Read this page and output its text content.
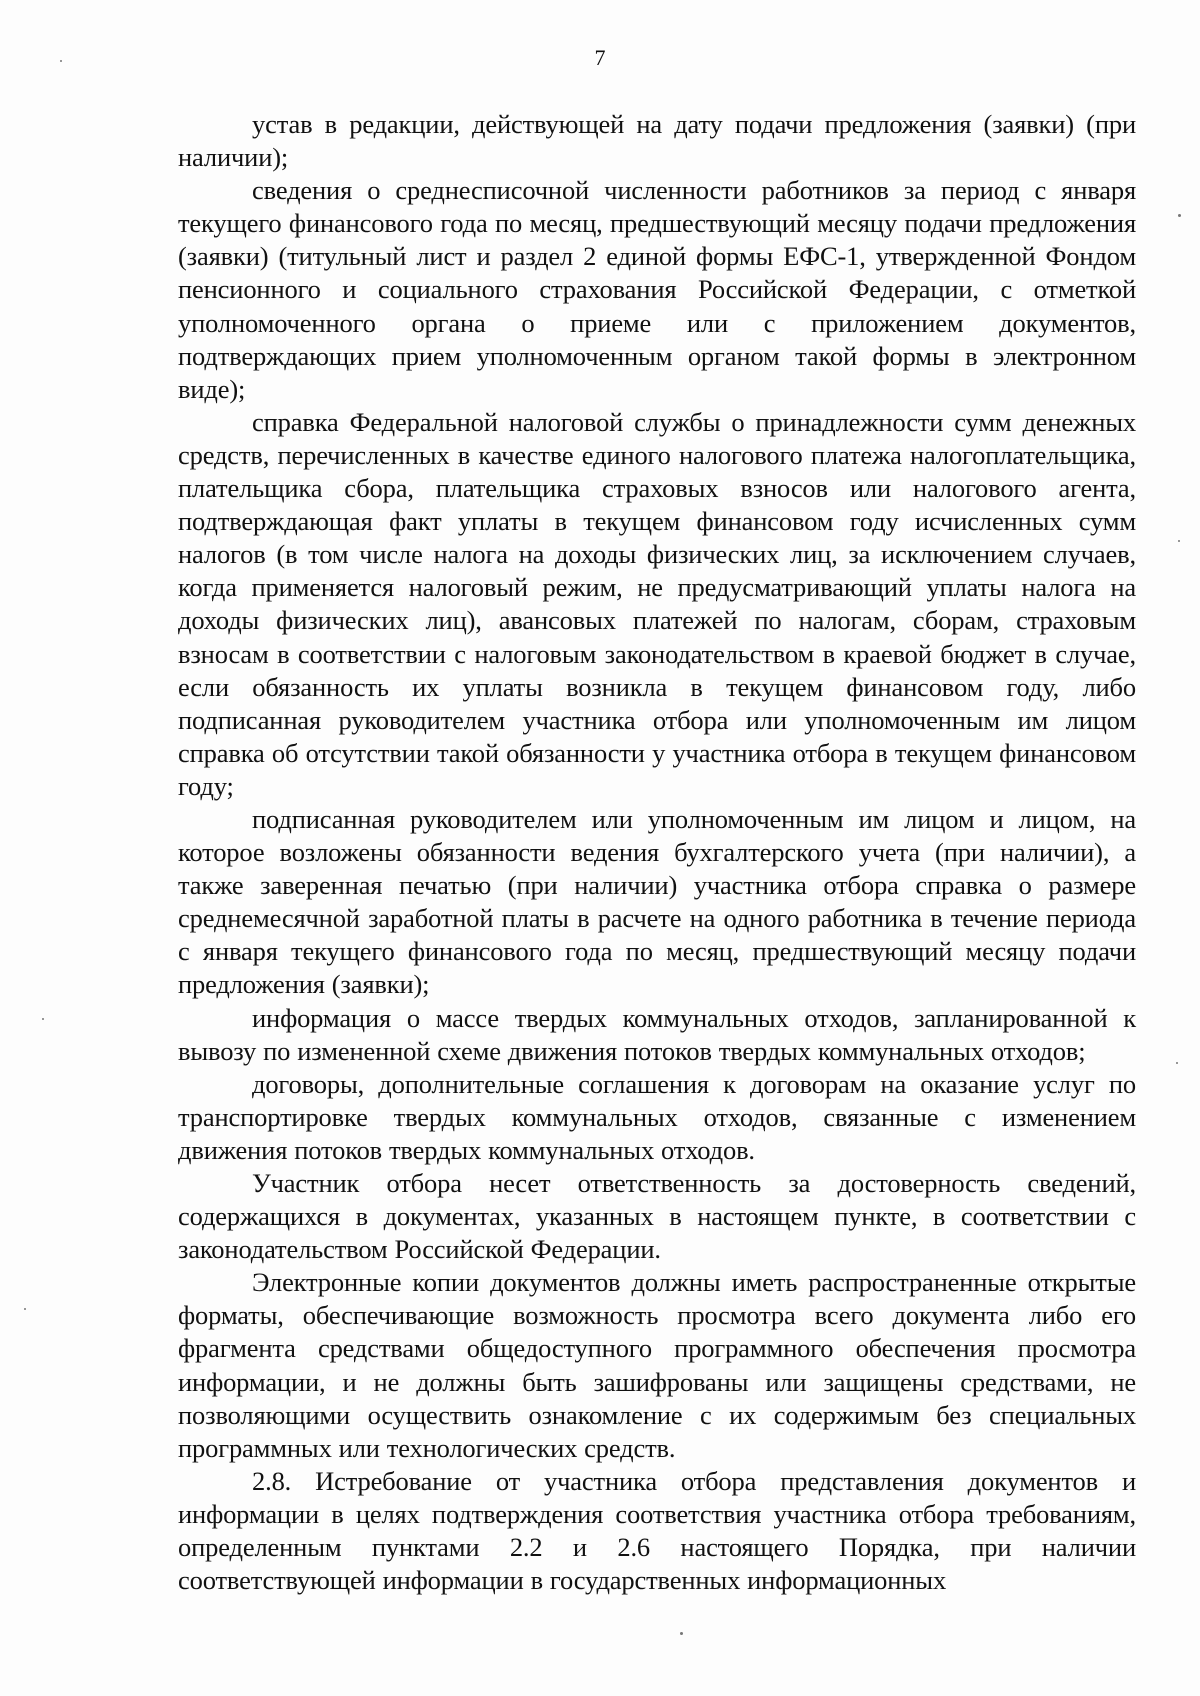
7

устав в редакции, действующей на дату подачи предложения (заявки) (при наличии);

сведения о среднесписочной численности работников за период с января текущего финансового года по месяц, предшествующий месяцу подачи предложения (заявки) (титульный лист и раздел 2 единой формы ЕФС-1, утвержденной Фондом пенсионного и социального страхования Российской Федерации, с отметкой уполномоченного органа о приеме или с приложением документов, подтверждающих прием уполномоченным органом такой формы в электронном виде);

справка Федеральной налоговой службы о принадлежности сумм денежных средств, перечисленных в качестве единого налогового платежа налогоплательщика, плательщика сбора, плательщика страховых взносов или налогового агента, подтверждающая факт уплаты в текущем финансовом году исчисленных сумм налогов (в том числе налога на доходы физических лиц, за исключением случаев, когда применяется налоговый режим, не предусматривающий уплаты налога на доходы физических лиц), авансовых платежей по налогам, сборам, страховым взносам в соответствии с налоговым законодательством в краевой бюджет в случае, если обязанность их уплаты возникла в текущем финансовом году, либо подписанная руководителем участника отбора или уполномоченным им лицом справка об отсутствии такой обязанности у участника отбора в текущем финансовом году;

подписанная руководителем или уполномоченным им лицом и лицом, на которое возложены обязанности ведения бухгалтерского учета (при наличии), а также заверенная печатью (при наличии) участника отбора справка о размере среднемесячной заработной платы в расчете на одного работника в течение периода с января текущего финансового года по месяц, предшествующий месяцу подачи предложения (заявки);

информация о массе твердых коммунальных отходов, запланированной к вывозу по измененной схеме движения потоков твердых коммунальных отходов;

договоры, дополнительные соглашения к договорам на оказание услуг по транспортировке твердых коммунальных отходов, связанные с изменением движения потоков твердых коммунальных отходов.

Участник отбора несет ответственность за достоверность сведений, содержащихся в документах, указанных в настоящем пункте, в соответствии с законодательством Российской Федерации.

Электронные копии документов должны иметь распространенные открытые форматы, обеспечивающие возможность просмотра всего документа либо его фрагмента средствами общедоступного программного обеспечения просмотра информации, и не должны быть зашифрованы или защищены средствами, не позволяющими осуществить ознакомление с их содержимым без специальных программных или технологических средств.

2.8. Истребование от участника отбора представления документов и информации в целях подтверждения соответствия участника отбора требованиям, определенным пунктами 2.2 и 2.6 настоящего Порядка, при наличии соответствующей информации в государственных информационных
